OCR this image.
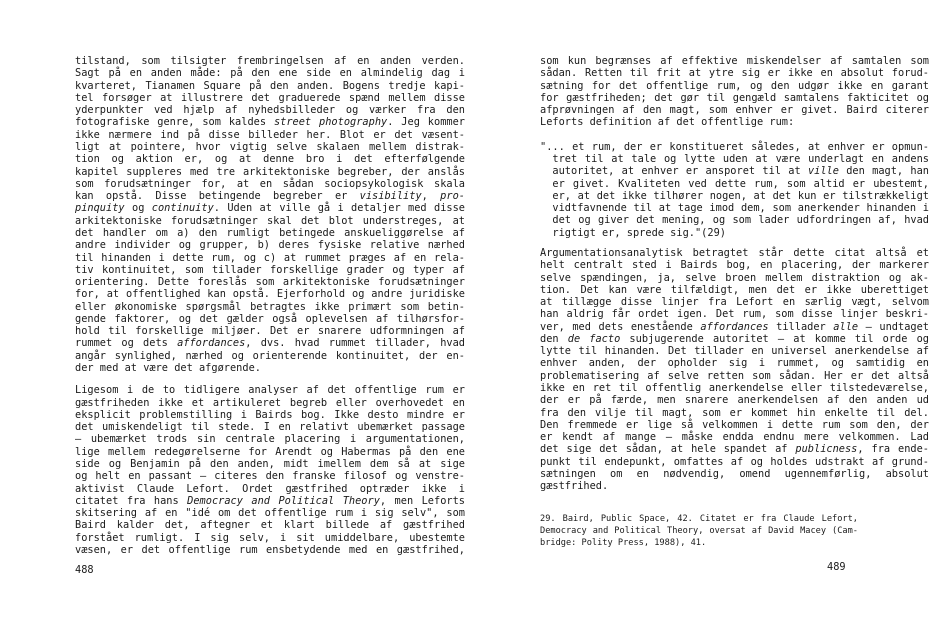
tilstand, som tilsigter frembringelsen af en anden verden.
Sagt på en anden måde: på den ene side en almindelig dag i
kvarteret, Tianamen Square på den anden. Bogens tredje kapi-
tel forsøger at illustrere det graduerede spænd mellem disse
yderpunkter ved hjælp af nyhedsbilleder og værker fra den
fotografiske genre, som kaldes street photography. Jeg kommer
ikke nærmere ind på disse billeder her. Blot er det væsent-
ligt at pointere, hvor vigtig selve skalaen mellem distrak-
tion og aktion er, og at denne bro i det efterfølgende
kapitel suppleres med tre arkitektoniske begreber, der anslås
som forudsætninger for, at en sådan sociopsykologisk skala
kan opstå. Disse betingende begreber er visibility, pro-
pinquity og continuity. Uden at ville gå i detaljer med disse
arkitektoniske forudsætninger skal det blot understreges, at
det handler om a) den rumligt betingede anskueliggørelse af
andre individer og grupper, b) deres fysiske relative nærhed
til hinanden i dette rum, og c) at rummet præges af en rela-
tiv kontinuitet, som tillader forskellige grader og typer af
orientering. Dette foreslås som arkitektoniske forudsætninger
for, at offentlighed kan opstå. Ejerforhold og andre juridiske
eller økonomiske spørgsmål betragtes ikke primært som betin-
gende faktorer, og det gælder også oplevelsen af tilhørsfor-
hold til forskellige miljøer. Det er snarere udformningen af
rummet og dets affordances, dvs. hvad rummet tillader, hvad
angår synlighed, nærhed og orienterende kontinuitet, der en-
der med at være det afgørende.
Ligesom i de to tidligere analyser af det offentlige rum er
gæstfriheden ikke et artikuleret begreb eller overhovedet en
eksplicit problemstilling i Bairds bog. Ikke desto mindre er
det umiskendeligt til stede. I en relativt ubemærket passage
— ubemærket trods sin centrale placering i argumentationen,
lige mellem redegørelserne for Arendt og Habermas på den ene
side og Benjamin på den anden, midt imellem dem så at sige
og helt en passant — citeres den franske filosof og venstre-
aktivist Claude Lefort. Ordet gæstfrihed optræder ikke i
citatet fra hans Democracy and Political Theory, men Leforts
skitsering af en "idé om det offentlige rum i sig selv", som
Baird kalder det, aftegner et klart billede af gæstfrihed
forstået rumligt. I sig selv, i sit umiddelbare, ubestemte
væsen, er det offentlige rum ensbetydende med en gæstfrihed,
som kun begrænses af effektive miskendelser af samtalen som
sådan. Retten til frit at ytre sig er ikke en absolut forud-
sætning for det offentlige rum, og den udgør ikke en garant
for gæstfriheden; det gør til gengæld samtalens fakticitet og
afprøvningen af den magt, som enhver er givet. Baird citerer
Leforts definition af det offentlige rum:
"... et rum, der er konstitueret således, at enhver er opmun-
tret til at tale og lytte uden at være underlagt en andens
autoritet, at enhver er ansporet til at ville den magt, han
er givet. Kvaliteten ved dette rum, som altid er ubestemt,
er, at det ikke tilhører nogen, at det kun er tilstrækkeligt
vidtfavnende til at tage imod dem, som anerkender hinanden i
det og giver det mening, og som lader udfordringen af, hvad
rigtigt er, sprede sig."(29)
Argumentationsanalytisk betragtet står dette citat altså et
helt centralt sted i Bairds bog, en placering, der markerer
selve spændingen, ja, selve broen mellem distraktion og ak-
tion. Det kan være tilfældigt, men det er ikke uberettiget
at tillægge disse linjer fra Lefort en særlig vægt, selvom
han aldrig får ordet igen. Det rum, som disse linjer beskri-
ver, med dets enestående affordances tillader alle — undtaget
den de facto subjugerende autoritet — at komme til orde og
lytte til hinanden. Det tillader en universel anerkendelse af
enhver anden, der opholder sig i rummet, og samtidig en
problematisering af selve retten som sådan. Her er det altså
ikke en ret til offentlig anerkendelse eller tilstedeværelse,
der er på færde, men snarere anerkendelsen af den anden ud
fra den vilje til magt, som er kommet hin enkelte til del.
Den fremmede er lige så velkommen i dette rum som den, der
er kendt af mange — måske endda endnu mere velkommen. Lad
det sige det sådan, at hele spandet af publicness, fra ende-
punkt til endepunkt, omfattes af og holdes udstrakt af grund-
sætningen om en nødvendig, omend ugennemførlig, absolut
gæstfrihed.
29. Baird, Public Space, 42. Citatet er fra Claude Lefort,
Democracy and Political Theory, oversat af David Macey (Cam-
bridge: Polity Press, 1988), 41.
488	489
